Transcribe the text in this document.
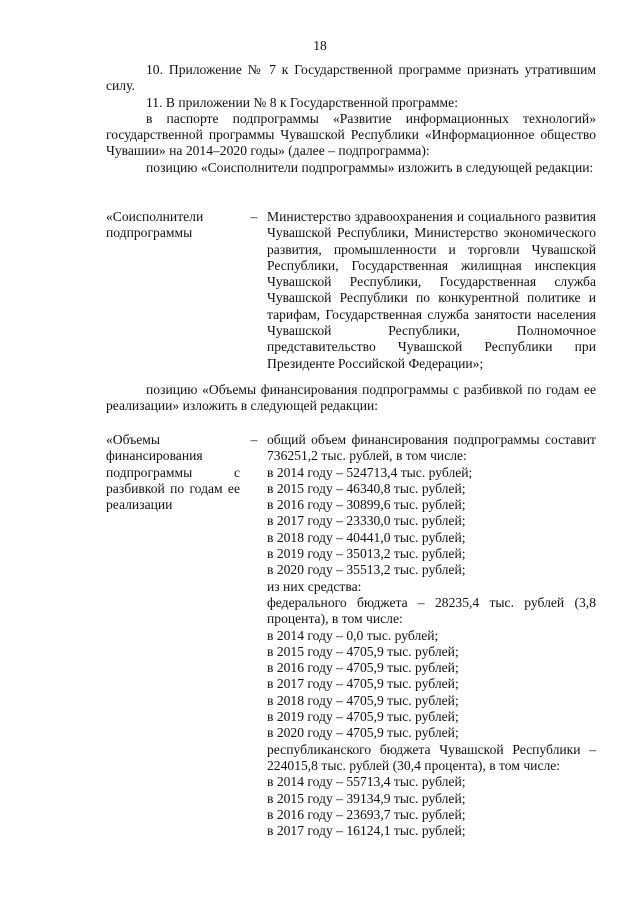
18

10. Приложение № 7 к Государственной программе признать утратившим силу.

11. В приложении № 8 к Государственной программе:

в паспорте подпрограммы «Развитие информационных технологий» государственной программы Чувашской Республики «Информационное общество Чувашии» на 2014–2020 годы» (далее – подпрограмма):

позицию «Соисполнители подпрограммы» изложить в следующей редакции:

«Соисполнители подпрограммы
– Министерство здравоохранения и социального развития Чувашской Республики, Министерство экономического развития, промышленности и торговли Чувашской Республики, Государственная жилищная инспекция Чувашской Республики, Государственная служба Чувашской Республики по конкурентной политике и тарифам, Государственная служба занятости населения Чувашской Республики, Полномочное представительство Чувашской Республики при Президенте Российской Федерации»;

позицию «Объемы финансирования подпрограммы с разбивкой по годам ее реализации» изложить в следующей редакции:

«Объемы финансирования подпрограммы с разбивкой по годам ее реализации
– общий объем финансирования подпрограммы составит 736251,2 тыс. рублей, в том числе:

в 2014 году – 524713,4 тыс. рублей;
в 2015 году – 46340,8 тыс. рублей;
в 2016 году – 30899,6 тыс. рублей;
в 2017 году – 23330,0 тыс. рублей;
в 2018 году – 40441,0 тыс. рублей;
в 2019 году – 35013,2 тыс. рублей;
в 2020 году – 35513,2 тыс. рублей;
из них средства:

федерального бюджета – 28235,4 тыс. рублей (3,8 процента), в том числе:

в 2014 году – 0,0 тыс. рублей;
в 2015 году – 4705,9 тыс. рублей;
в 2016 году – 4705,9 тыс. рублей;
в 2017 году – 4705,9 тыс. рублей;
в 2018 году – 4705,9 тыс. рублей;
в 2019 году – 4705,9 тыс. рублей;
в 2020 году – 4705,9 тыс. рублей;

республиканского бюджета Чувашской Республики – 224015,8 тыс. рублей (30,4 процента), в том числе:

в 2014 году – 55713,4 тыс. рублей;
в 2015 году – 39134,9 тыс. рублей;
в 2016 году – 23693,7 тыс. рублей;
в 2017 году – 16124,1 тыс. рублей;
